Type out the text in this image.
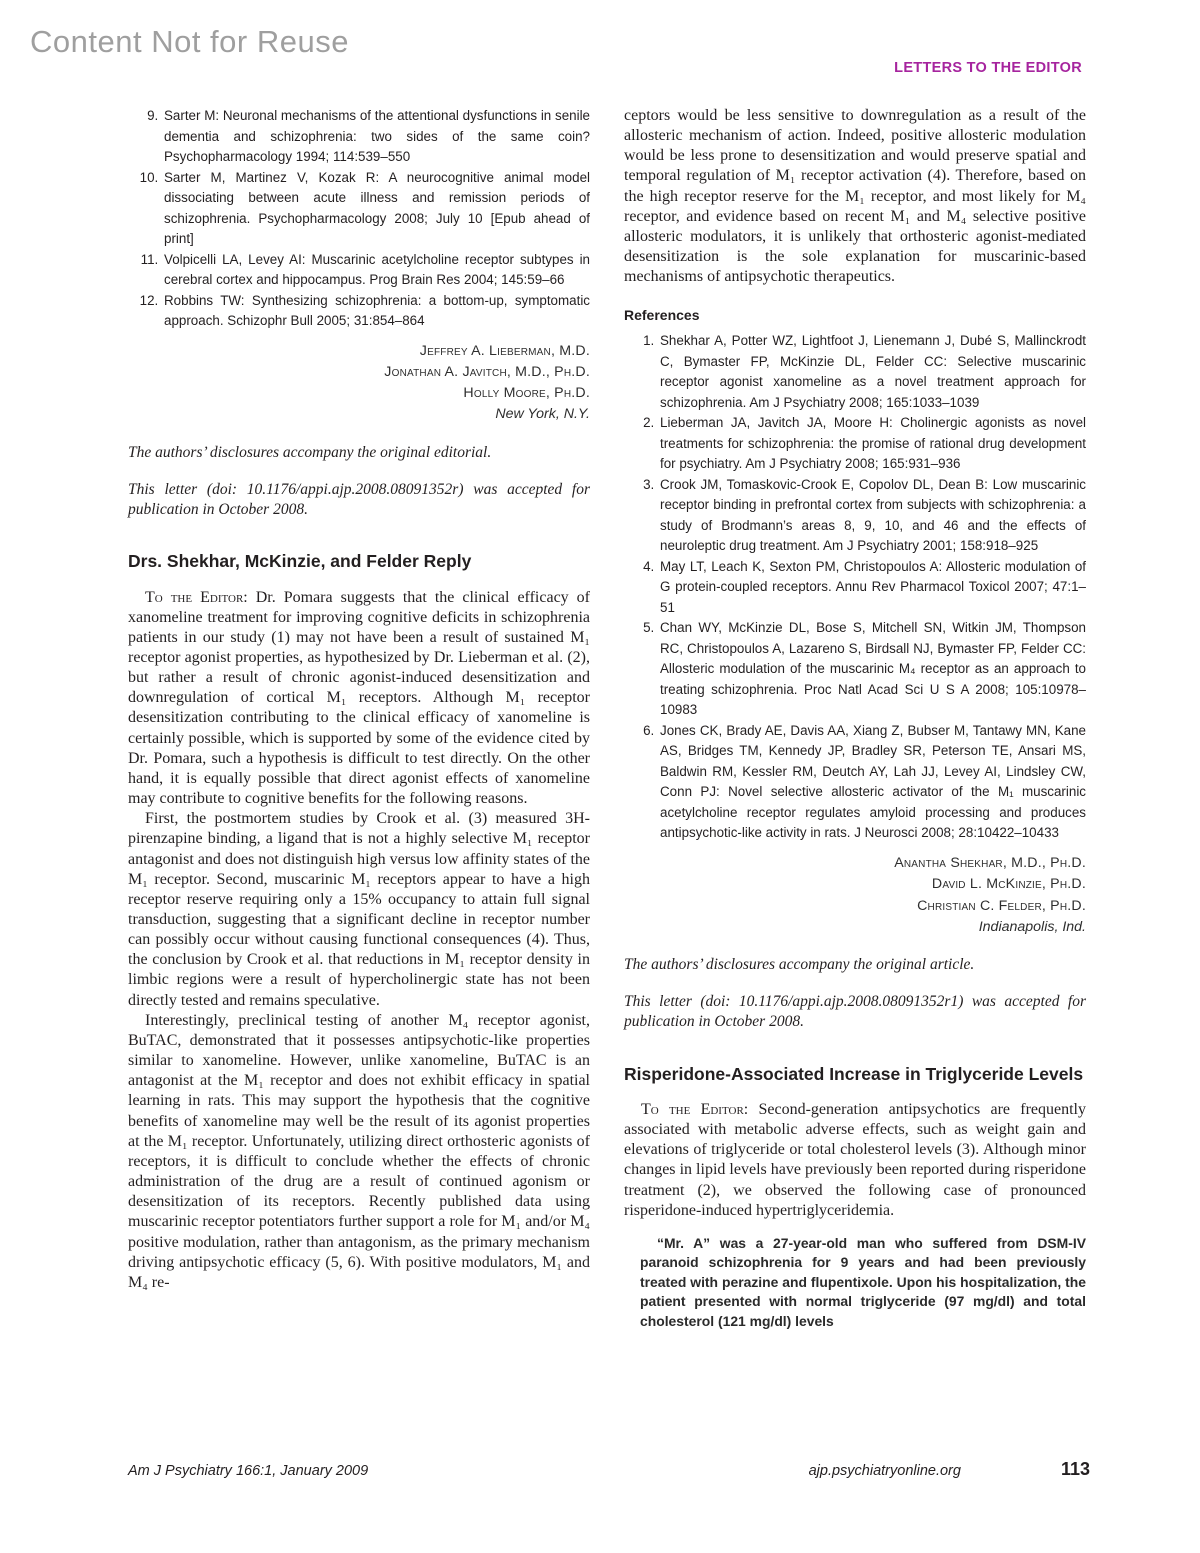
Content Not for Reuse
LETTERS TO THE EDITOR
9. Sarter M: Neuronal mechanisms of the attentional dysfunctions in senile dementia and schizophrenia: two sides of the same coin? Psychopharmacology 1994; 114:539–550
10. Sarter M, Martinez V, Kozak R: A neurocognitive animal model dissociating between acute illness and remission periods of schizophrenia. Psychopharmacology 2008; July 10 [Epub ahead of print]
11. Volpicelli LA, Levey AI: Muscarinic acetylcholine receptor subtypes in cerebral cortex and hippocampus. Prog Brain Res 2004; 145:59–66
12. Robbins TW: Synthesizing schizophrenia: a bottom-up, symptomatic approach. Schizophr Bull 2005; 31:854–864
Jeffrey A. Lieberman, M.D.
Jonathan A. Javitch, M.D., Ph.D.
Holly Moore, Ph.D.
New York, N.Y.

The authors’ disclosures accompany the original editorial.

This letter (doi: 10.1176/appi.ajp.2008.08091352r) was accepted for publication in October 2008.

Drs. Shekhar, McKinzie, and Felder Reply

To the Editor: Dr. Pomara suggests that the clinical efficacy of xanomeline treatment for improving cognitive deficits in schizophrenia patients in our study (1) may not have been a result of sustained M₁ receptor agonist properties, as hypothesized by Dr. Lieberman et al. (2), but rather a result of chronic agonist-induced desensitization and downregulation of cortical M₁ receptors. Although M₁ receptor desensitization contributing to the clinical efficacy of xanomeline is certainly possible, which is supported by some of the evidence cited by Dr. Pomara, such a hypothesis is difficult to test directly. On the other hand, it is equally possible that direct agonist effects of xanomeline may contribute to cognitive benefits for the following reasons.

First, the postmortem studies by Crook et al. (3) measured 3H-pirenzapine binding, a ligand that is not a highly selective M₁ receptor antagonist and does not distinguish high versus low affinity states of the M₁ receptor. Second, muscarinic M₁ receptors appear to have a high receptor reserve requiring only a 15% occupancy to attain full signal transduction, suggesting that a significant decline in receptor number can possibly occur without causing functional consequences (4). Thus, the conclusion by Crook et al. that reductions in M₁ receptor density in limbic regions were a result of hypercholinergic state has not been directly tested and remains speculative.

Interestingly, preclinical testing of another M₄ receptor agonist, BuTAC, demonstrated that it possesses antipsychotic-like properties similar to xanomeline. However, unlike xanomeline, BuTAC is an antagonist at the M₁ receptor and does not exhibit efficacy in spatial learning in rats. This may support the hypothesis that the cognitive benefits of xanomeline may well be the result of its agonist properties at the M₁ receptor. Unfortunately, utilizing direct orthosteric agonists of receptors, it is difficult to conclude whether the effects of chronic administration of the drug are a result of continued agonism or desensitization of its receptors. Recently published data using muscarinic receptor potentiators further support a role for M₁ and/or M₄ positive modulation, rather than antagonism, as the primary mechanism driving antipsychotic efficacy (5, 6). With positive modulators, M₁ and M₄ re-

ceptors would be less sensitive to downregulation as a result of the allosteric mechanism of action. Indeed, positive allosteric modulation would be less prone to desensitization and would preserve spatial and temporal regulation of M₁ receptor activation (4). Therefore, based on the high receptor reserve for the M₁ receptor, and most likely for M₄ receptor, and evidence based on recent M₁ and M₄ selective positive allosteric modulators, it is unlikely that orthosteric agonist-mediated desensitization is the sole explanation for muscarinic-based mechanisms of antipsychotic therapeutics.

References
1. Shekhar A, Potter WZ, Lightfoot J, Lienemann J, Dubé S, Mallinckrodt C, Bymaster FP, McKinzie DL, Felder CC: Selective muscarinic receptor agonist xanomeline as a novel treatment approach for schizophrenia. Am J Psychiatry 2008; 165:1033–1039
2. Lieberman JA, Javitch JA, Moore H: Cholinergic agonists as novel treatments for schizophrenia: the promise of rational drug development for psychiatry. Am J Psychiatry 2008; 165:931–936
3. Crook JM, Tomaskovic-Crook E, Copolov DL, Dean B: Low muscarinic receptor binding in prefrontal cortex from subjects with schizophrenia: a study of Brodmann’s areas 8, 9, 10, and 46 and the effects of neuroleptic drug treatment. Am J Psychiatry 2001; 158:918–925
4. May LT, Leach K, Sexton PM, Christopoulos A: Allosteric modulation of G protein-coupled receptors. Annu Rev Pharmacol Toxicol 2007; 47:1–51
5. Chan WY, McKinzie DL, Bose S, Mitchell SN, Witkin JM, Thompson RC, Christopoulos A, Lazareno S, Birdsall NJ, Bymaster FP, Felder CC: Allosteric modulation of the muscarinic M₄ receptor as an approach to treating schizophrenia. Proc Natl Acad Sci U S A 2008; 105:10978–10983
6. Jones CK, Brady AE, Davis AA, Xiang Z, Bubser M, Tantawy MN, Kane AS, Bridges TM, Kennedy JP, Bradley SR, Peterson TE, Ansari MS, Baldwin RM, Kessler RM, Deutch AY, Lah JJ, Levey AI, Lindsley CW, Conn PJ: Novel selective allosteric activator of the M₁ muscarinic acetylcholine receptor regulates amyloid processing and produces antipsychotic-like activity in rats. J Neurosci 2008; 28:10422–10433
Anantha Shekhar, M.D., Ph.D.
David L. McKinzie, Ph.D.
Christian C. Felder, Ph.D.
Indianapolis, Ind.

The authors’ disclosures accompany the original article.

This letter (doi: 10.1176/appi.ajp.2008.08091352r1) was accepted for publication in October 2008.

Risperidone-Associated Increase in Triglyceride Levels

To the Editor: Second-generation antipsychotics are frequently associated with metabolic adverse effects, such as weight gain and elevations of triglyceride or total cholesterol levels (3). Although minor changes in lipid levels have previously been reported during risperidone treatment (2), we observed the following case of pronounced risperidone-induced hypertriglyceridemia.

“Mr. A” was a 27-year-old man who suffered from DSM-IV paranoid schizophrenia for 9 years and had been previously treated with perazine and flupentixole. Upon his hospitalization, the patient presented with normal triglyceride (97 mg/dl) and total cholesterol (121 mg/dl) levels
Am J Psychiatry 166:1, January 2009	ajp.psychiatryonline.org	113
